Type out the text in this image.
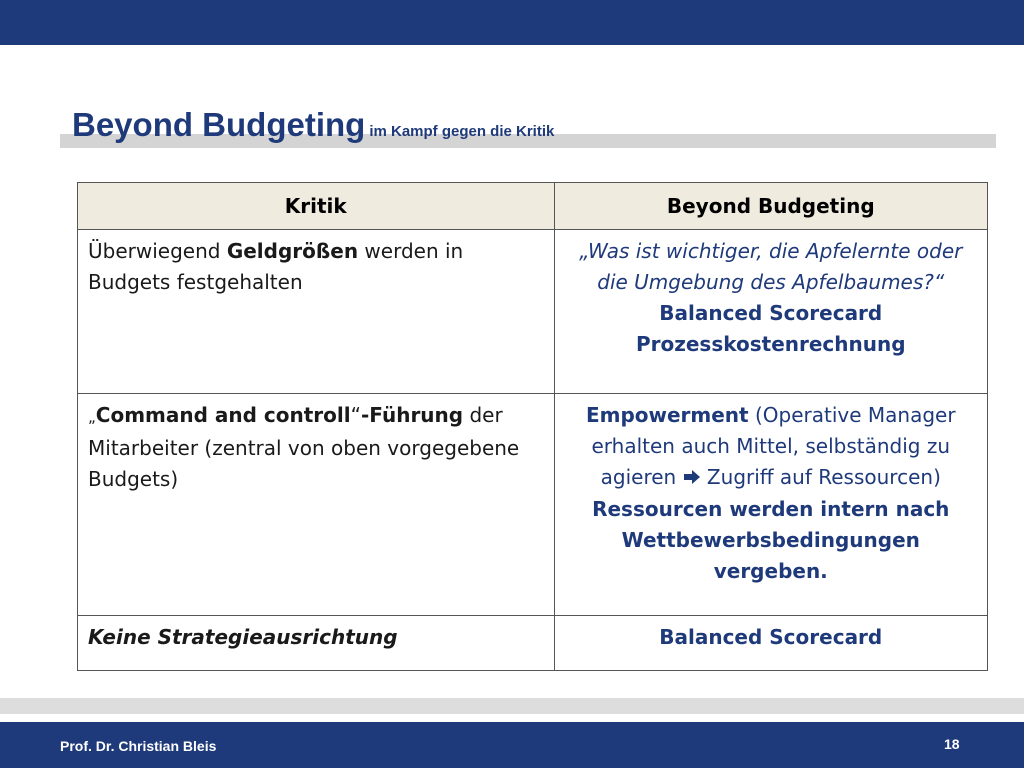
Beyond Budgeting im Kampf gegen die Kritik
Kritik	Beyond Budgeting
Überwiegend Geldgrößen werden in Budgets festgehalten	„Was ist wichtiger, die Apfelernte oder die Umgebung des Apfelbaumes?“
Balanced Scorecard
Prozesskostenrechnung

„Command and controll“-Führung der Mitarbeiter (zentral von oben vorgegebene Budgets)	Empowerment (Operative Manager erhalten auch Mittel, selbständig zu agieren  Zugriff auf Ressourcen)
Ressourcen werden intern nach Wettbewerbsbedingungen vergeben.

Keine Strategieausrichtung	Balanced Scorecard
Prof. Dr. Christian Bleis	18
